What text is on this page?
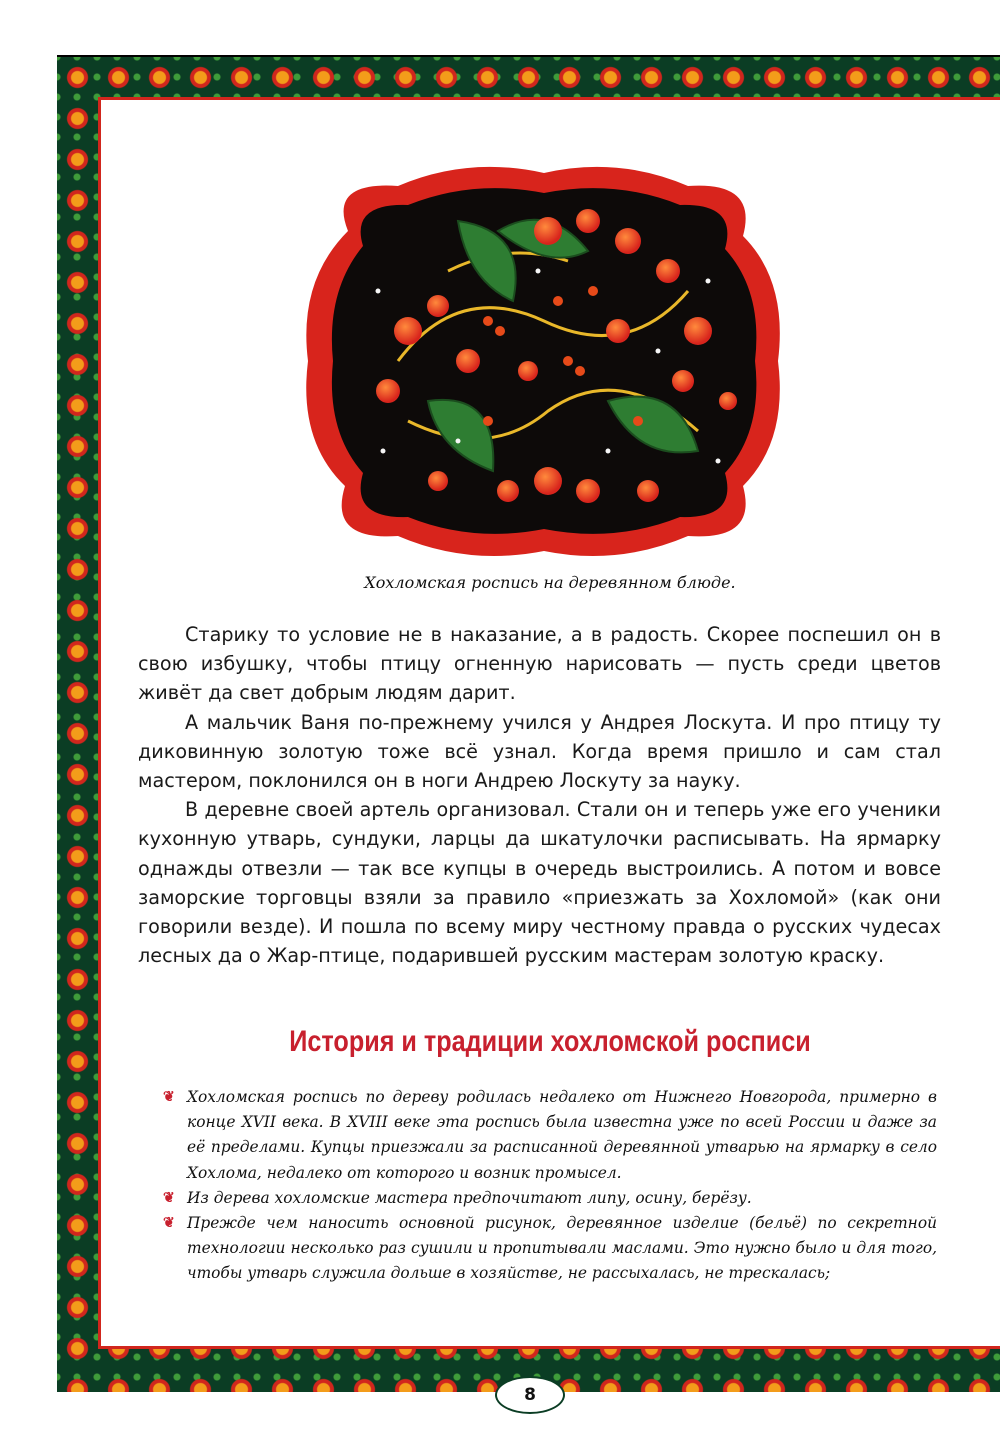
Хохломская роспись на деревянном блюде.

Старику то условие не в наказание, а в радость. Скорее поспешил он в свою избушку, чтобы птицу огненную нарисовать — пусть среди цветов живёт да свет добрым людям дарит.

А мальчик Ваня по-прежнему учился у Андрея Лоскута. И про птицу ту диковинную золотую тоже всё узнал. Когда время пришло и сам стал мастером, поклонился он в ноги Андрею Лоскуту за науку.

В деревне своей артель организовал. Стали он и теперь уже его ученики кухонную утварь, сундуки, ларцы да шкатулочки расписывать. На ярмарку однажды отвезли — так все купцы в очередь выстроились. А потом и вовсе заморские торговцы взяли за правило «приезжать за Хохломой» (как они говорили везде). И пошла по всему миру честному правда о русских чудесах лесных да о Жар-птице, подарившей русским мастерам золотую краску.

История и традиции хохломской росписи
❦ Хохломская роспись по дереву родилась недалеко от Нижнего Новгорода, примерно в конце XVII века. В XVIII веке эта роспись была известна уже по всей России и даже за её пределами. Купцы приезжали за расписанной деревянной утварью на ярмарку в село Хохлома, недалеко от которого и возник промысел.
❦ Из дерева хохломские мастера предпочитают липу, осину, берёзу.
❦ Прежде чем наносить основной рисунок, деревянное изделие (бельё) по секретной технологии несколько раз сушили и пропитывали маслами. Это нужно было и для того, чтобы утварь служила дольше в хозяйстве, не рассыхалась, не трескалась;
8
